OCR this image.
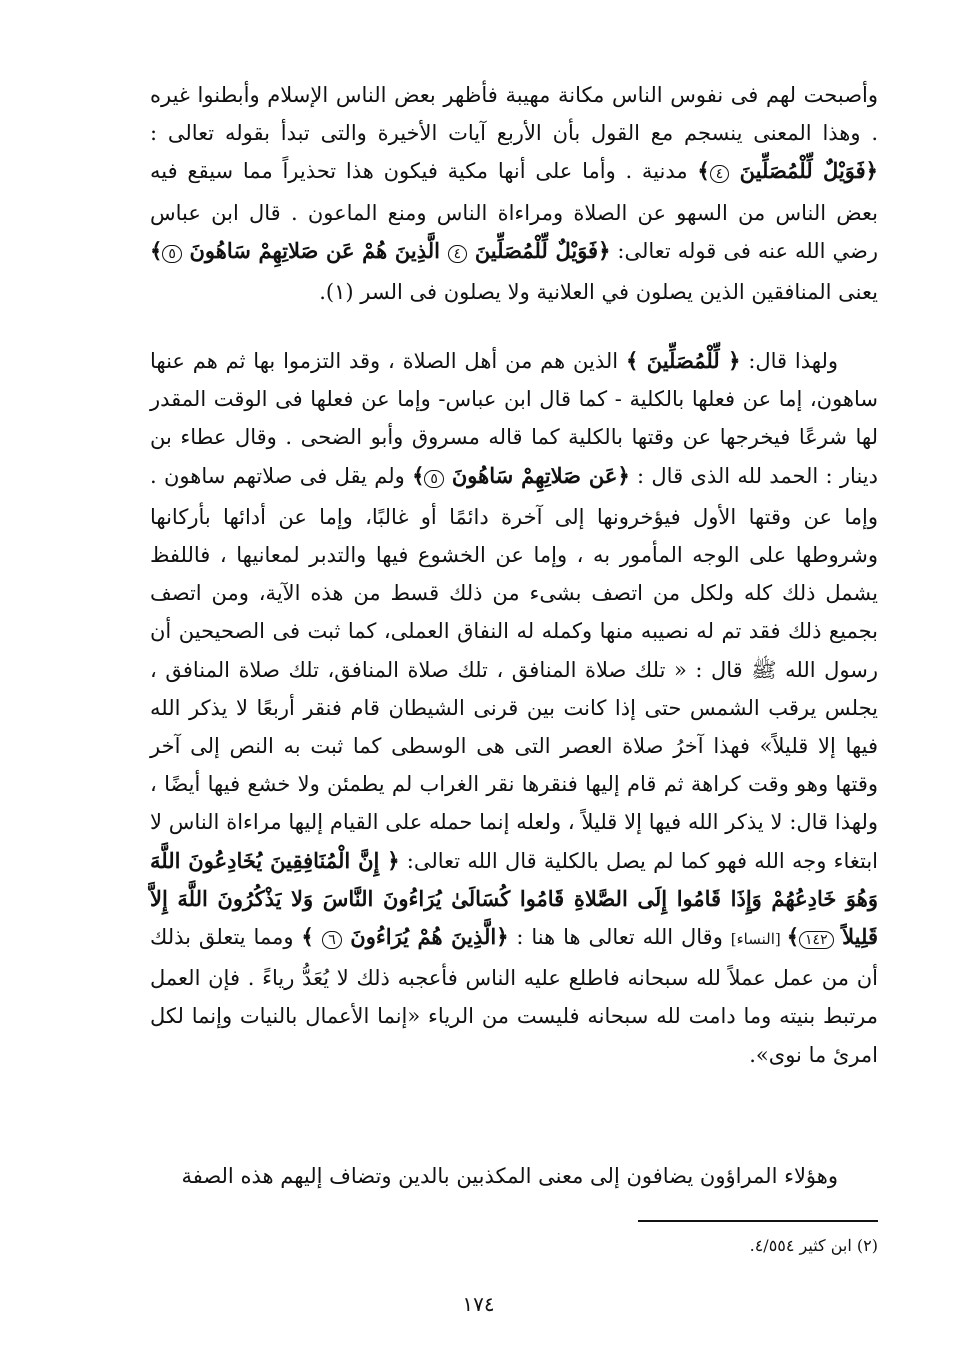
وأصبحت لهم فى نفوس الناس مكانة مهيبة فأظهر بعض الناس الإسلام وأبطنوا غيره . وهذا المعنى ينسجم مع القول بأن الأربع آيات الأخيرة والتى تبدأ بقوله تعالى : ﴿فَوَيْلٌ لِّلْمُصَلِّينَ ٤﴾ مدنية . وأما على أنها مكية فيكون هذا تحذيراً مما سيقع فيه بعض الناس من السهو عن الصلاة ومراءاة الناس ومنع الماعون . قال ابن عباس رضي الله عنه فى قوله تعالى: ﴿فَوَيْلٌ لِّلْمُصَلِّينَ ٤ الَّذِينَ هُمْ عَن صَلاتِهِمْ سَاهُونَ ٥﴾ يعنى المنافقين الذين يصلون في العلانية ولا يصلون فى السر (١).
ولهذا قال: ﴿ لِّلْمُصَلِّينَ ﴾ الذين هم من أهل الصلاة ، وقد التزموا بها ثم هم عنها ساهون، إما عن فعلها بالكلية - كما قال ابن عباس- وإما عن فعلها فى الوقت المقدر لها شرعًا فيخرجها عن وقتها بالكلية كما قاله مسروق وأبو الضحى . وقال عطاء بن دينار : الحمد لله الذى قال : ﴿عَن صَلاتِهِمْ سَاهُونَ ٥﴾ ولم يقل فى صلاتهم ساهون . وإما عن وقتها الأول فيؤخرونها إلى آخرة دائمًا أو غالبًا، وإما عن أدائها بأركانها وشروطها على الوجه المأمور به ، وإما عن الخشوع فيها والتدبر لمعانيها ، فاللفظ يشمل ذلك كله ولكل من اتصف بشىء من ذلك قسط من هذه الآية، ومن اتصف بجميع ذلك فقد تم له نصيبه منها وكمله له النفاق العملى، كما ثبت فى الصحيحين أن رسول الله ﷺ قال : « تلك صلاة المنافق ، تلك صلاة المنافق، تلك صلاة المنافق ، يجلس يرقب الشمس حتى إذا كانت بين قرنى الشيطان قام فنقر أربعًا لا يذكر الله فيها إلا قليلاً» فهذا آخرُ صلاة العصر التى هى الوسطى كما ثبت به النص إلى آخر وقتها وهو وقت كراهة ثم قام إليها فنقرها نقر الغراب لم يطمئن ولا خشع فيها أيضًا ، ولهذا قال: لا يذكر الله فيها إلا قليلاً ، ولعله إنما حمله على القيام إليها مراءاة الناس لا ابتغاء وجه الله فهو كما لم يصل بالكلية قال الله تعالى: ﴿ إِنَّ الْمُنَافِقِينَ يُخَادِعُونَ اللَّهَ وَهُوَ خَادِعُهُمْ وَإِذَا قَامُوا إِلَى الصَّلاةِ قَامُوا كُسَالَىٰ يُرَاءُونَ النَّاسَ وَلا يَذْكُرُونَ اللَّهَ إِلاَّ قَلِيلاً ١٤٢﴾ [النساء] وقال الله تعالى ها هنا : ﴿الَّذِينَ هُمْ يُرَاءُونَ ٦ ﴾ ومما يتعلق بذلك أن من عمل عملاً لله سبحانه فاطلع عليه الناس فأعجبه ذلك لا يُعَدُّ رياءً . فإن العمل مرتبط بنيته وما دامت لله سبحانه فليست من الرياء «إنما الأعمال بالنيات وإنما لكل امرئ ما نوى».
وهؤلاء المراؤون يضافون إلى معنى المكذبين بالدين وتضاف إليهم هذه الصفة
(٢) ابن كثير ٤/٥٥٤.
١٧٤
